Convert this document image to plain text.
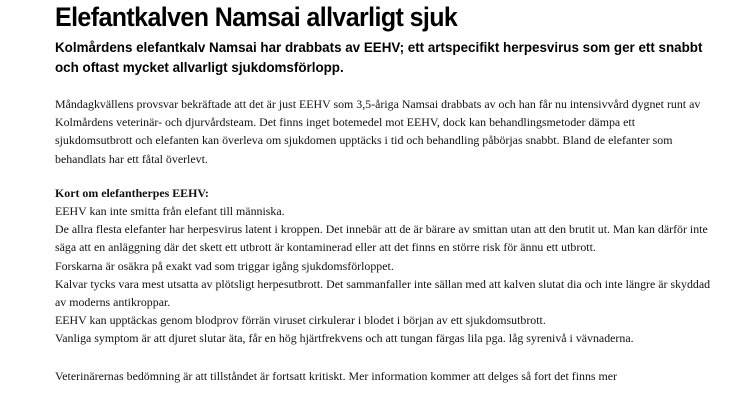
Elefantkalven Namsai allvarligt sjuk

Kolmårdens elefantkalv Namsai har drabbats av EEHV; ett artspecifikt herpesvirus som ger ett snabbt och oftast mycket allvarligt sjukdomsförlopp.

Måndagkvällens provsvar bekräftade att det är just EEHV som 3,5-åriga Namsai drabbats av och han får nu intensivvård dygnet runt av Kolmårdens veterinär- och djurvårdsteam. Det finns inget botemedel mot EEHV, dock kan behandlingsmetoder dämpa ett sjukdomsutbrott och elefanten kan överleva om sjukdomen upptäcks i tid och behandling påbörjas snabbt. Bland de elefanter som behandlats har ett fåtal överlevt.

Kort om elefantherpes EEHV:
EEHV kan inte smitta från elefant till människa.
De allra flesta elefanter har herpesvirus latent i kroppen. Det innebär att de är bärare av smittan utan att den brutit ut. Man kan därför inte säga att en anläggning där det skett ett utbrott är kontaminerad eller att det finns en större risk för ännu ett utbrott.
Forskarna är osäkra på exakt vad som triggar igång sjukdomsförloppet.
Kalvar tycks vara mest utsatta av plötsligt herpesutbrott. Det sammanfaller inte sällan med att kalven slutat dia och inte längre är skyddad av moderns antikroppar.
EEHV kan upptäckas genom blodprov förrän viruset cirkulerar i blodet i början av ett sjukdomsutbrott.
Vanliga symptom är att djuret slutar äta, får en hög hjärtfrekvens och att tungan färgas lila pga. låg syrenivå i vävnaderna.

Veterinärernas bedömning är att tillståndet är fortsatt kritiskt. Mer information kommer att delges så fort det finns mer
